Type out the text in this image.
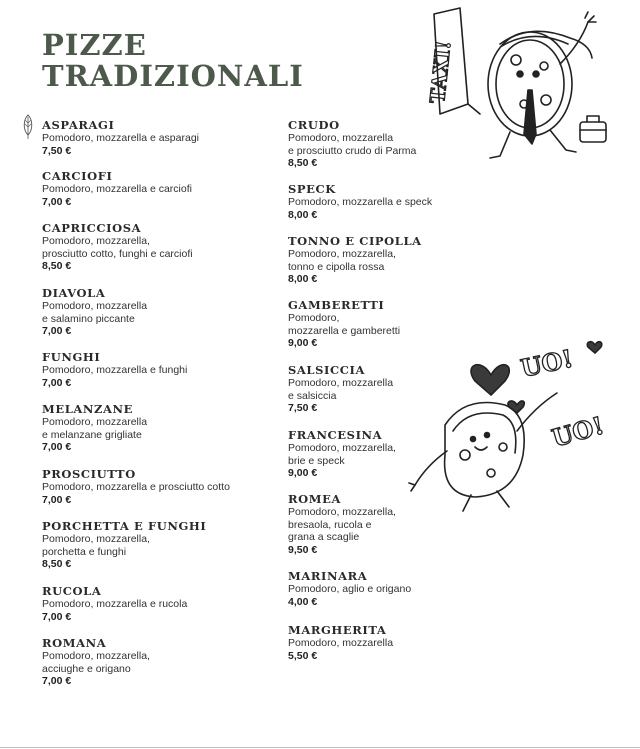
PIZZE
TRADIZIONALI
ASPARAGI
Pomodoro, mozzarella e asparagi
7,50 €
CARCIOFI
Pomodoro, mozzarella e carciofi
7,00 €
CAPRICCIOSA
Pomodoro, mozzarella,
prosciutto cotto, funghi e carciofi
8,50 €
DIAVOLA
Pomodoro, mozzarella
e salamino piccante
7,00 €
FUNGHI
Pomodoro, mozzarella e funghi
7,00 €
MELANZANE
Pomodoro, mozzarella
e melanzane grigliate
7,00 €
PROSCIUTTO
Pomodoro, mozzarella e prosciutto cotto
7,00 €
PORCHETTA E FUNGHI
Pomodoro, mozzarella,
porchetta e funghi
8,50 €
RUCOLA
Pomodoro, mozzarella e rucola
7,00 €
ROMANA
Pomodoro, mozzarella,
acciughe e origano
7,00 €
CRUDO
Pomodoro, mozzarella
e prosciutto crudo di Parma
8,50 €
SPECK
Pomodoro, mozzarella e speck
8,00 €
TONNO E CIPOLLA
Pomodoro, mozzarella,
tonno e cipolla rossa
8,00 €
GAMBERETTI
Pomodoro,
mozzarella e gamberetti
9,00 €
SALSICCIA
Pomodoro, mozzarella
e salsiccia
7,50 €
FRANCESINA
Pomodoro, mozzarella,
brie e speck
9,00 €
ROMEA
Pomodoro, mozzarella,
bresaola, rucola e
grana a scaglie
9,50 €
MARINARA
Pomodoro, aglio e origano
4,00 €
MARGHERITA
Pomodoro, mozzarella
5,50 €
TAXI!
UO!
UO!
